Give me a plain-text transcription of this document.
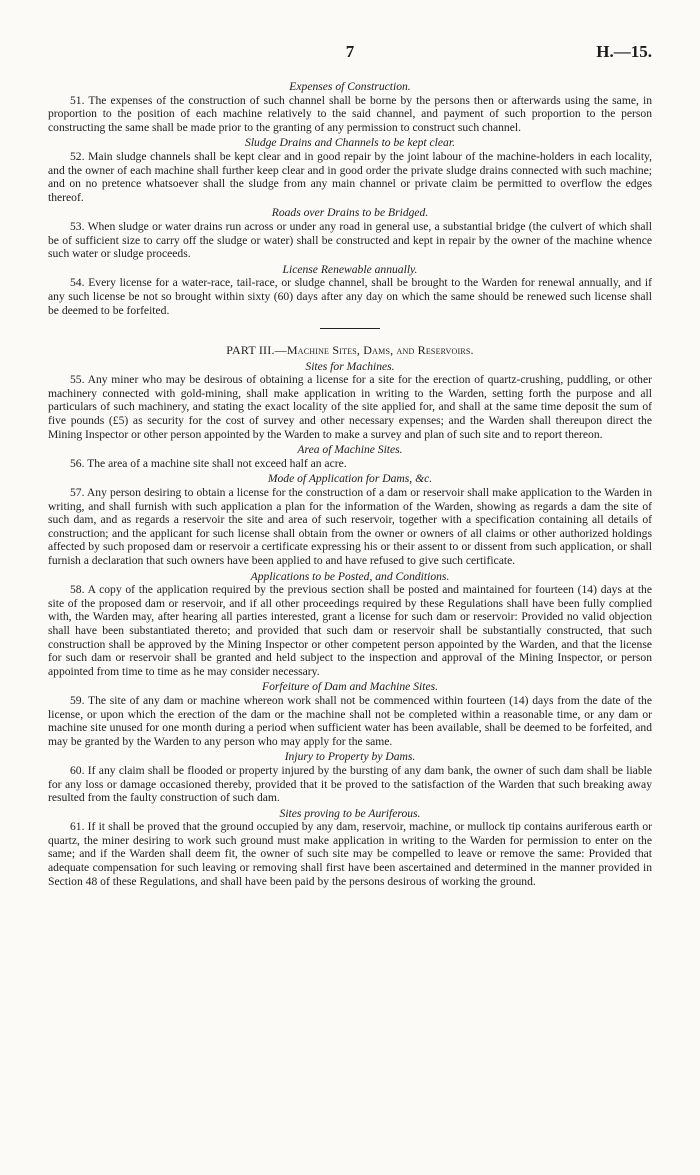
7	H.—15.
Expenses of Construction.

51. The expenses of the construction of such channel shall be borne by the persons then or afterwards using the same, in proportion to the position of each machine relatively to the said channel, and payment of such proportion to the person constructing the same shall be made prior to the granting of any permission to construct such channel.

Sludge Drains and Channels to be kept clear.

52. Main sludge channels shall be kept clear and in good repair by the joint labour of the machine-holders in each locality, and the owner of each machine shall further keep clear and in good order the private sludge drains connected with such machine; and on no pretence whatsoever shall the sludge from any main channel or private claim be permitted to overflow the edges thereof.

Roads over Drains to be Bridged.

53. When sludge or water drains run across or under any road in general use, a substantial bridge (the culvert of which shall be of sufficient size to carry off the sludge or water) shall be constructed and kept in repair by the owner of the machine whence such water or sludge proceeds.

License Renewable annually.

54. Every license for a water-race, tail-race, or sludge channel, shall be brought to the Warden for renewal annually, and if any such license be not so brought within sixty (60) days after any day on which the same should be renewed such license shall be deemed to be forfeited.

PART III.—Machine Sites, Dams, and Reservoirs.
Sites for Machines.

55. Any miner who may be desirous of obtaining a license for a site for the erection of quartz-crushing, puddling, or other machinery connected with gold-mining, shall make application in writing to the Warden, setting forth the purpose and all particulars of such machinery, and stating the exact locality of the site applied for, and shall at the same time deposit the sum of five pounds (£5) as security for the cost of survey and other necessary expenses; and the Warden shall thereupon direct the Mining Inspector or other person appointed by the Warden to make a survey and plan of such site and to report thereon.

Area of Machine Sites.

56. The area of a machine site shall not exceed half an acre.

Mode of Application for Dams, &c.

57. Any person desiring to obtain a license for the construction of a dam or reservoir shall make application to the Warden in writing, and shall furnish with such application a plan for the information of the Warden, showing as regards a dam the site of such dam, and as regards a reservoir the site and area of such reservoir, together with a specification containing all details of construction; and the applicant for such license shall obtain from the owner or owners of all claims or other authorized holdings affected by such proposed dam or reservoir a certificate expressing his or their assent to or dissent from such application, or shall furnish a declaration that such owners have been applied to and have refused to give such certificate.

Applications to be Posted, and Conditions.

58. A copy of the application required by the previous section shall be posted and maintained for fourteen (14) days at the site of the proposed dam or reservoir, and if all other proceedings required by these Regulations shall have been fully complied with, the Warden may, after hearing all parties interested, grant a license for such dam or reservoir: Provided no valid objection shall have been substantiated thereto; and provided that such dam or reservoir shall be substantially constructed, that such construction shall be approved by the Mining Inspector or other competent person appointed by the Warden, and that the license for such dam or reservoir shall be granted and held subject to the inspection and approval of the Mining Inspector, or person appointed from time to time as he may consider necessary.

Forfeiture of Dam and Machine Sites.

59. The site of any dam or machine whereon work shall not be commenced within fourteen (14) days from the date of the license, or upon which the erection of the dam or the machine shall not be completed within a reasonable time, or any dam or machine site unused for one month during a period when sufficient water has been available, shall be deemed to be forfeited, and may be granted by the Warden to any person who may apply for the same.

Injury to Property by Dams.

60. If any claim shall be flooded or property injured by the bursting of any dam bank, the owner of such dam shall be liable for any loss or damage occasioned thereby, provided that it be proved to the satisfaction of the Warden that such breaking away resulted from the faulty construction of such dam.

Sites proving to be Auriferous.

61. If it shall be proved that the ground occupied by any dam, reservoir, machine, or mullock tip contains auriferous earth or quartz, the miner desiring to work such ground must make application in writing to the Warden for permission to enter on the same; and if the Warden shall deem fit, the owner of such site may be compelled to leave or remove the same: Provided that adequate compensation for such leaving or removing shall first have been ascertained and determined in the manner provided in Section 48 of these Regulations, and shall have been paid by the persons desirous of working the ground.
